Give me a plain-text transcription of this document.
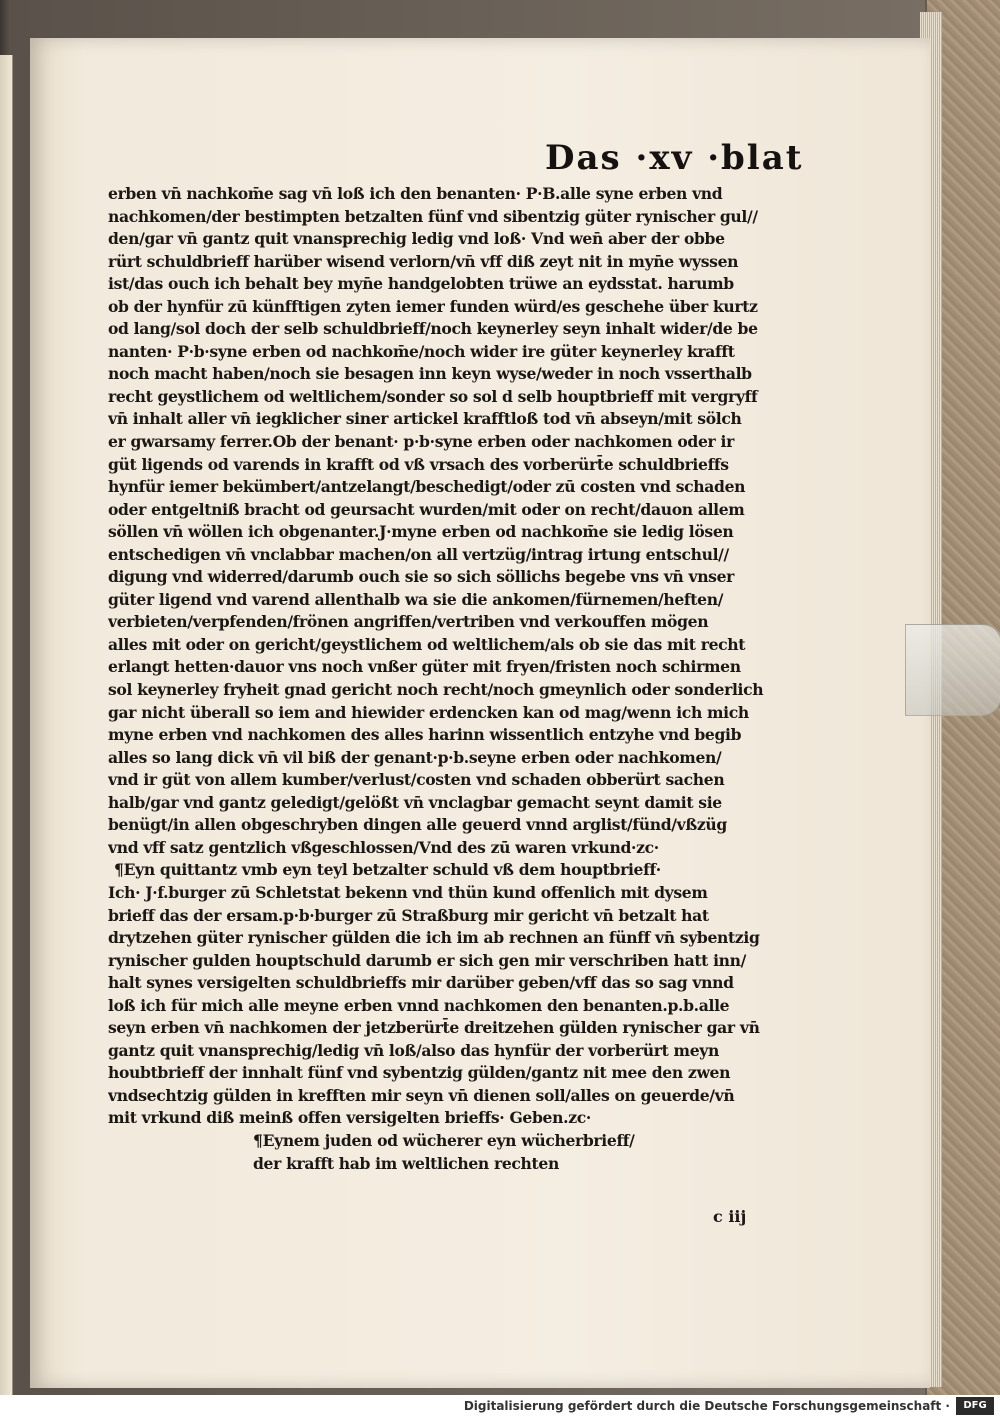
Das ·xv ·blat
erben vn̄ nachkom̄e sag vn̄ loß ich den benanten· P·B.alle syne erben vnd
nachkomen/der bestimpten betzalten fünf vnd sibentzig güter rynischer gul//
den/gar vn̄ gantz quit vnansprechig ledig vnd loß· Vnd wen̄ aber der obbe
rürt schuldbrieff harüber wisend verlorn/vn̄ vff diß zeyt nit in myn̄e wyssen
ist/das ouch ich behalt bey myn̄e handgelobten trüwe an eydsstat. harumb
ob der hynfür zū künfftigen zyten iemer funden würd/es geschehe über kurtz
od lang/sol doch der selb schuldbrieff/noch keynerley seyn inhalt wider/de be
nanten· P·b·syne erben od nachkom̄e/noch wider ire güter keynerley krafft
noch macht haben/noch sie besagen inn keyn wyse/weder in noch vsserthalb
recht geystlichem od weltlichem/sonder so sol d selb houptbrieff mit vergryff
vn̄ inhalt aller vn̄ iegklicher siner artickel krafftloß tod vn̄ abseyn/mit sölch
er gwarsamy ferrer.Ob der benant· p·b·syne erben oder nachkomen oder ir
güt ligends od varends in krafft od vß vrsach des vorberürt̄e schuldbrieffs
hynfür iemer bekümbert/antzelangt/beschedigt/oder zū costen vnd schaden
oder entgeltniß bracht od geursacht wurden/mit oder on recht/dauon allem
söllen vn̄ wöllen ich obgenanter.J·myne erben od nachkom̄e sie ledig lösen
entschedigen vn̄ vnclabbar machen/on all vertzüg/intrag irtung entschul//
digung vnd widerred/darumb ouch sie so sich söllichs begebe vns vn̄ vnser
güter ligend vnd varend allenthalb wa sie die ankomen/fürnemen/heften/
verbieten/verpfenden/frönen angriffen/vertriben vnd verkouffen mögen
alles mit oder on gericht/geystlichem od weltlichem/als ob sie das mit recht
erlangt hetten·dauor vns noch vnßer güter mit fryen/fristen noch schirmen
sol keynerley fryheit gnad gericht noch recht/noch gmeynlich oder sonderlich
gar nicht überall so iem and hiewider erdencken kan od mag/wenn ich mich
myne erben vnd nachkomen des alles harinn wissentlich entzyhe vnd begib
alles so lang dick vn̄ vil biß der genant·p·b.seyne erben oder nachkomen/
vnd ir güt von allem kumber/verlust/costen vnd schaden obberürt sachen
halb/gar vnd gantz geledigt/gelößt vn̄ vnclagbar gemacht seynt damit sie
benügt/in allen obgeschryben dingen alle geuerd vnnd arglist/fünd/vßzüg
vnd vff satz gentzlich vßgeschlossen/Vnd des zū waren vrkund·zc·
¶Eyn quittantz vmb eyn teyl betzalter schuld vß dem houptbrieff·
Ich· J·f.burger zū Schletstat bekenn vnd thün kund offenlich mit dysem
brieff das der ersam.p·b·burger zū Straßburg mir gericht vn̄ betzalt hat
drytzehen güter rynischer gülden die ich im ab rechnen an fünff vn̄ sybentzig
rynischer gulden houptschuld darumb er sich gen mir verschriben hatt inn/
halt synes versigelten schuldbrieffs mir darüber geben/vff das so sag vnnd
loß ich für mich alle meyne erben vnnd nachkomen den benanten.p.b.alle
seyn erben vn̄ nachkomen der jetzberürt̄e dreitzehen gülden rynischer gar vn̄
gantz quit vnansprechig/ledig vn̄ loß/also das hynfür der vorberürt meyn
houbtbrieff der innhalt fünf vnd sybentzig gülden/gantz nit mee den zwen
vndsechtzig gülden in krefften mir seyn vn̄ dienen soll/alles on geuerde/vn̄
mit vrkund diß meinß offen versigelten brieffs· Geben.zc·
¶Eynem juden od wücherer eyn wücherbrieff/
der krafft hab im weltlichen rechten
c iij
Digitalisierung gefördert durch die Deutsche Forschungsgemeinschaft ·	DFG
